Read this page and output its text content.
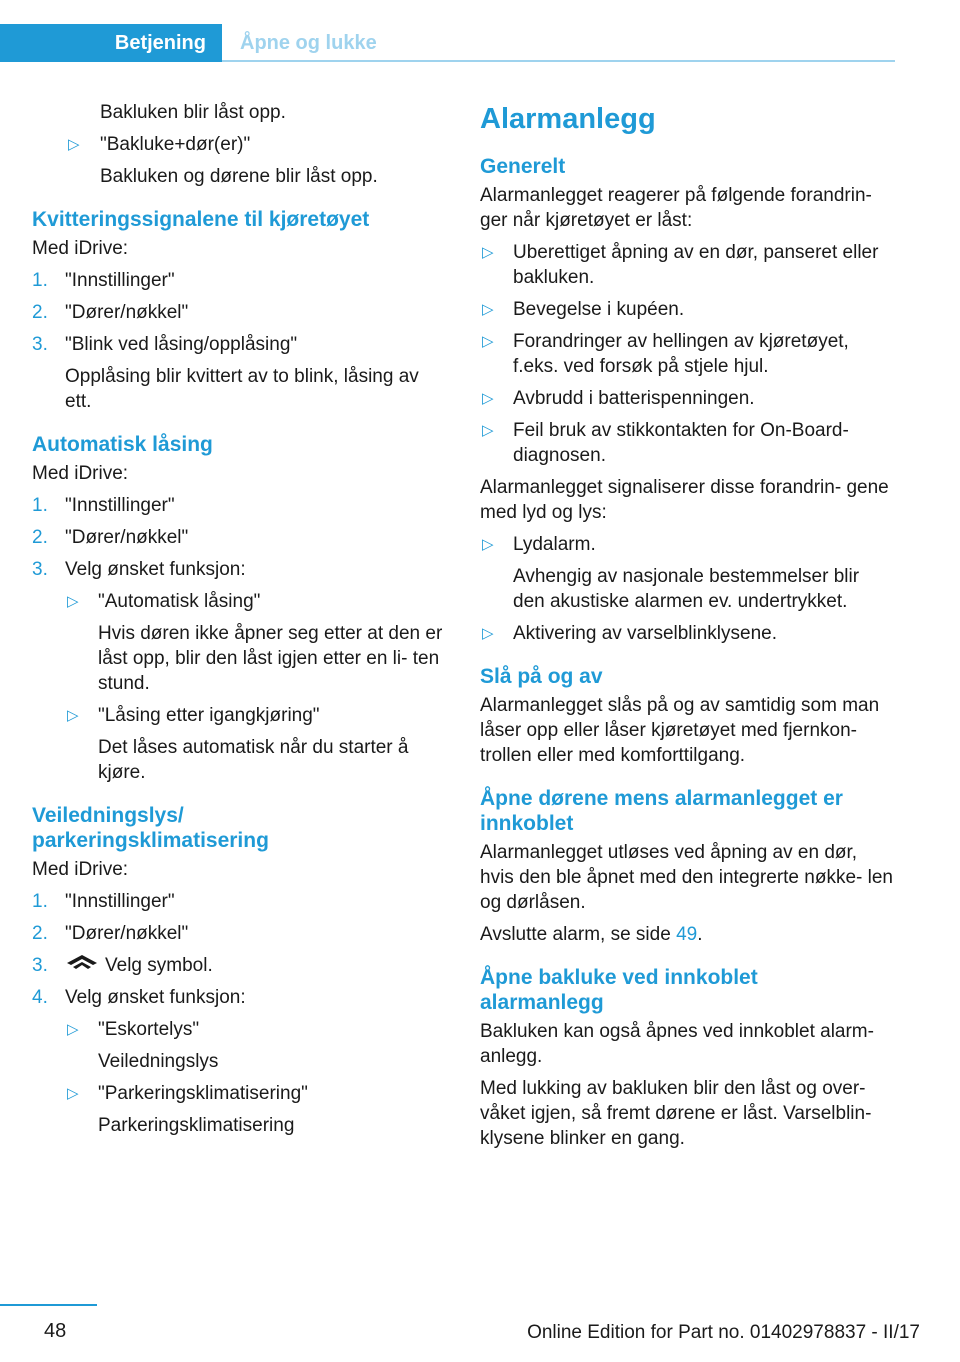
Betjening	Åpne og lukke
Bakluken blir låst opp.
▷ "Bakluke+dør(er)"
Bakluken og dørene blir låst opp.
Kvitteringssignalene til kjøretøyet

Med iDrive:

1. "Innstillinger"
2. "Dører/nøkkel"
3. "Blink ved låsing/opplåsing"
Opplåsing blir kvittert av to blink, låsing av ett.
Automatisk låsing

Med iDrive:

1. "Innstillinger"
2. "Dører/nøkkel"
3. Velg ønsket funksjon:
▷ "Automatisk låsing"
Hvis døren ikke åpner seg etter at den er låst opp, blir den låst igjen etter en li‐ ten stund.
▷ "Låsing etter igangkjøring"
Det låses automatisk når du starter å kjøre.
Veiledningslys/
parkeringsklimatisering

Med iDrive:

1. "Innstillinger"
2. "Dører/nøkkel"
3.	Velg symbol.
4. Velg ønsket funksjon:
▷ "Eskortelys"
Veiledningslys
▷ "Parkeringsklimatisering"
Parkeringsklimatisering
Alarmanlegg
Generelt

Alarmanlegget reagerer på følgende forandrin‐ ger når kjøretøyet er låst:

▷ Uberettiget åpning av en dør, panseret eller bakluken.
▷ Bevegelse i kupéen.
▷ Forandringer av hellingen av kjøretøyet, f.eks. ved forsøk på stjele hjul.
▷ Avbrudd i batterispenningen.
▷ Feil bruk av stikkontakten for On-Board- diagnosen.

Alarmanlegget signaliserer disse forandrin‐ gene med lyd og lys:

▷ Lydalarm.
Avhengig av nasjonale bestemmelser blir den akustiske alarmen ev. undertrykket.
▷ Aktivering av varselblinklysene.
Slå på og av

Alarmanlegget slås på og av samtidig som man låser opp eller låser kjøretøyet med fjernkon‐ trollen eller med komforttilgang.

Åpne dørene mens alarmanlegget er
innkoblet

Alarmanlegget utløses ved åpning av en dør, hvis den ble åpnet med den integrerte nøkke‐ len og dørlåsen.

Avslutte alarm, se side 49.

Åpne bakluke ved innkoblet
alarmanlegg

Bakluken kan også åpnes ved innkoblet alarm‐ anlegg.

Med lukking av bakluken blir den låst og over‐ våket igjen, så fremt dørene er låst. Varselblin‐ klysene blinker en gang.

48	Online Edition for Part no. 01402978837 - II/17
